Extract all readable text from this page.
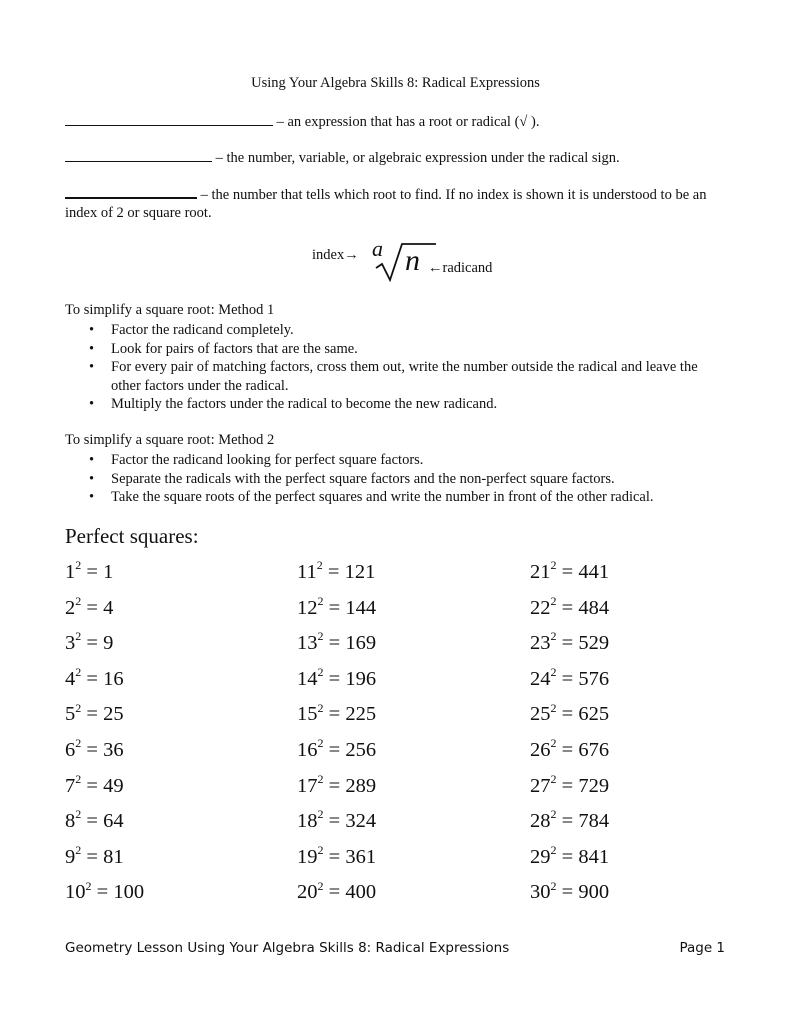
Using Your Algebra Skills 8: Radical Expressions
– an expression that has a root or radical (√ ).
– the number, variable, or algebraic expression under the radical sign.
– the number that tells which root to find. If no index is shown it is understood to be an index of 2 or square root.
index→ a n ←radicand
To simplify a square root: Method 1
• Factor the radicand completely.
• Look for pairs of factors that are the same.
• For every pair of matching factors, cross them out, write the number outside the radical and leave the other factors under the radical.
• Multiply the factors under the radical to become the new radicand.
To simplify a square root: Method 2
• Factor the radicand looking for perfect square factors.
• Separate the radicals with the perfect square factors and the non-perfect square factors.
• Take the square roots of the perfect squares and write the number in front of the other radical.
Perfect squares:
$1^2 = 1$
$2^2 = 4$
$3^2 = 9$
$4^2 = 16$
$5^2 = 25$
$6^2 = 36$
$7^2 = 49$
$8^2 = 64$
$9^2 = 81$
$10^2 = 100$
$11^2 = 121$
$12^2 = 144$
$13^2 = 169$
$14^2 = 196$
$15^2 = 225$
$16^2 = 256$
$17^2 = 289$
$18^2 = 324$
$19^2 = 361$
$20^2 = 400$
$21^2 = 441$
$22^2 = 484$
$23^2 = 529$
$24^2 = 576$
$25^2 = 625$
$26^2 = 676$
$27^2 = 729$
$28^2 = 784$
$29^2 = 841$
$30^2 = 900$
Geometry Lesson Using Your Algebra Skills 8: Radical Expressions	Page 1
